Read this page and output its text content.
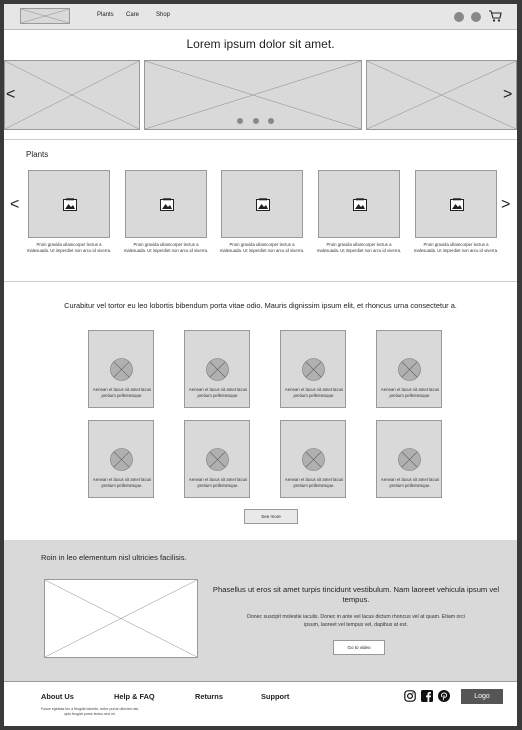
Plants Care	Shop
Lorem ipsum dolor sit amet.
<	>
Plants
<	>
Proin gravida ullamcorper lectus a malesuada. Ut imperdiet non arcu id viverra.
Proin gravida ullamcorper lectus a malesuada. Ut imperdiet non arcu id viverra.
Proin gravida ullamcorper lectus a malesuada. Ut imperdiet non arcu id viverra.
Proin gravida ullamcorper lectus a malesuada. Ut imperdiet non arcu id viverra.
Proin gravida ullamcorper lectus a malesuada. Ut imperdiet non arcu id viverra.
Curabitur vel tortor eu leo lobortis bibendum porta vitae odio. Mauris dignissim ipsum elit, et rhoncus urna consectetur a.
Aenean et lacus sit amet lacus pretium pellentesque.
Aenean et lacus sit amet lacus pretium pellentesque.
Aenean et lacus sit amet lacus pretium pellentesque.
Aenean et lacus sit amet lacus pretium pellentesque.
Aenean et lacus sit amet lacus pretium pellentesque.
Aenean et lacus sit amet lacus pretium pellentesque.
Aenean et lacus sit amet lacus pretium pellentesque.
Aenean et lacus sit amet lacus pretium pellentesque.
See more
Roin in leo elementum nisl ultricies facilisis.
Phasellus ut eros sit amet turpis tincidunt vestibulum. Nam laoreet vehicula ipsum vel tempus.
Donec suscipit molestie iaculis. Donec in ante vel lacus dictum rhoncus vel at quam. Etiam orci ipsum, laoreet vel tempus vel, dapibus at est.
Go to video
About Us	Help & FAQ	Returns	Support
Fusce egestas leo a fringilla lobortis, tortor purus ultricies nisl, quis feugiat purus lectus sed mi.
Logo
